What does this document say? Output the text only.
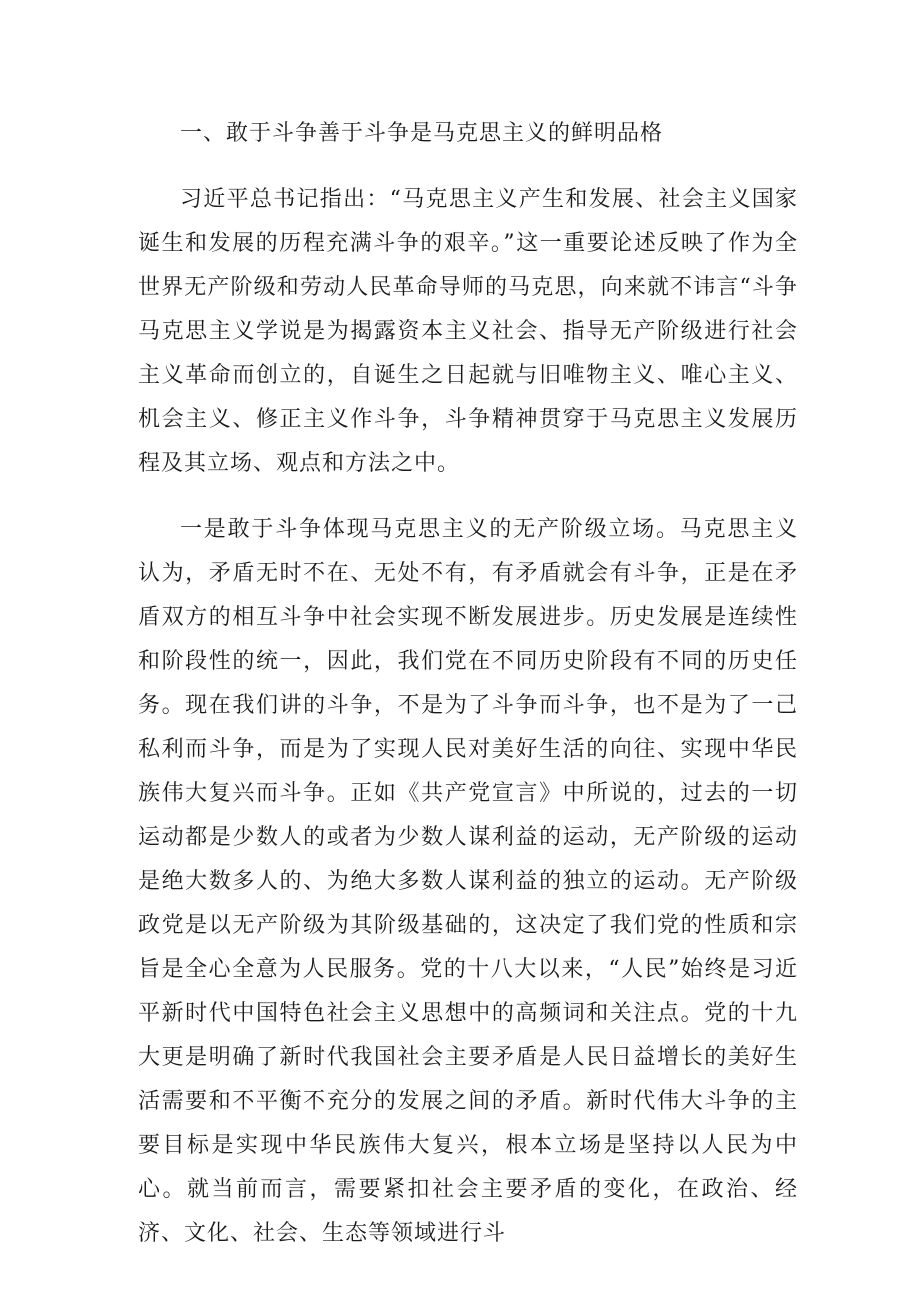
一、敢于斗争善于斗争是马克思主义的鲜明品格

习近平总书记指出：“马克思主义产生和发展、社会主义国家诞生和发展的历程充满斗争的艰辛。”这一重要论述反映了作为全世界无产阶级和劳动人民革命导师的马克思，向来就不讳言“斗争马克思主义学说是为揭露资本主义社会、指导无产阶级进行社会主义革命而创立的，自诞生之日起就与旧唯物主义、唯心主义、机会主义、修正主义作斗争，斗争精神贯穿于马克思主义发展历程及其立场、观点和方法之中。

一是敢于斗争体现马克思主义的无产阶级立场。马克思主义认为，矛盾无时不在、无处不有，有矛盾就会有斗争，正是在矛盾双方的相互斗争中社会实现不断发展进步。历史发展是连续性和阶段性的统一，因此，我们党在不同历史阶段有不同的历史任务。现在我们讲的斗争，不是为了斗争而斗争，也不是为了一己私利而斗争，而是为了实现人民对美好生活的向往、实现中华民族伟大复兴而斗争。正如《共产党宣言》中所说的，过去的一切运动都是少数人的或者为少数人谋利益的运动，无产阶级的运动是绝大数多人的、为绝大多数人谋利益的独立的运动。无产阶级政党是以无产阶级为其阶级基础的，这决定了我们党的性质和宗旨是全心全意为人民服务。党的十八大以来，“人民”始终是习近平新时代中国特色社会主义思想中的高频词和关注点。党的十九大更是明确了新时代我国社会主要矛盾是人民日益增长的美好生活需要和不平衡不充分的发展之间的矛盾。新时代伟大斗争的主要目标是实现中华民族伟大复兴，根本立场是坚持以人民为中心。就当前而言，需要紧扣社会主要矛盾的变化，在政治、经济、文化、社会、生态等领域进行斗
